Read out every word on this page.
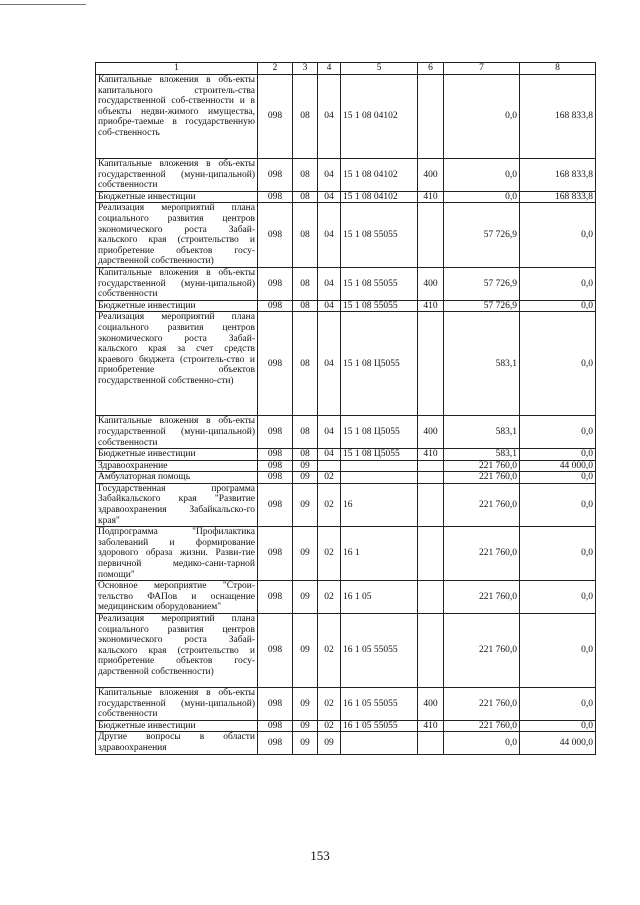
1	2	3	4	5	6	7	8
Капитальные вложения в объ-екты капитального строитель-ства государственной соб-ственности и в объекты недви-жимого имущества, приобре-таемые в государственную соб-ственность	098	08	04	15 1 08 04102		0,0	168 833,8
Капитальные вложения в объ-екты государственной (муни-ципальной) собственности	098	08	04	15 1 08 04102	400	0,0	168 833,8
Бюджетные инвестиции	098	08	04	15 1 08 04102	410	0,0	168 833,8
Реализация мероприятий плана социального развития центров экономического роста Забай-кальского края (строительство и приобретение объектов госу-дарственной собственности)	098	08	04	15 1 08 55055		57 726,9	0,0
Капитальные вложения в объ-екты государственной (муни-ципальной) собственности	098	08	04	15 1 08 55055	400	57 726,9	0,0
Бюджетные инвестиции	098	08	04	15 1 08 55055	410	57 726,9	0,0
Реализация мероприятий плана социального развития центров экономического роста Забай-кальского края за счет средств краевого бюджета (строитель-ство и приобретение объектов государственной собственно-сти)	098	08	04	15 1 08 Ц5055		583,1	0,0
Капитальные вложения в объ-екты государственной (муни-ципальной) собственности	098	08	04	15 1 08 Ц5055	400	583,1	0,0
Бюджетные инвестиции	098	08	04	15 1 08 Ц5055	410	583,1	0,0
Здравоохранение	098	09				221 760,0	44 000,0
Амбулаторная помощь	098	09	02			221 760,0	0,0
Государственная программа Забайкальского края "Развитие здравоохранения Забайкальско-го края"	098	09	02	16		221 760,0	0,0
Подпрограмма "Профилактика заболеваний и формирование здорового образа жизни. Разви-тие первичной медико-сани-тарной помощи"	098	09	02	16 1		221 760,0	0,0
Основное мероприятие "Строи-тельство ФАПов и оснащение медицинским оборудованием"	098	09	02	16 1 05		221 760,0	0,0
Реализация мероприятий плана социального развития центров экономического роста Забай-кальского края (строительство и приобретение объектов госу-дарственной собственности)	098	09	02	16 1 05 55055		221 760,0	0,0
Капитальные вложения в объ-екты государственной (муни-ципальной) собственности	098	09	02	16 1 05 55055	400	221 760,0	0,0
Бюджетные инвестиции	098	09	02	16 1 05 55055	410	221 760,0	0,0
Другие вопросы в области здравоохранения	098	09	09			0,0	44 000,0
153
